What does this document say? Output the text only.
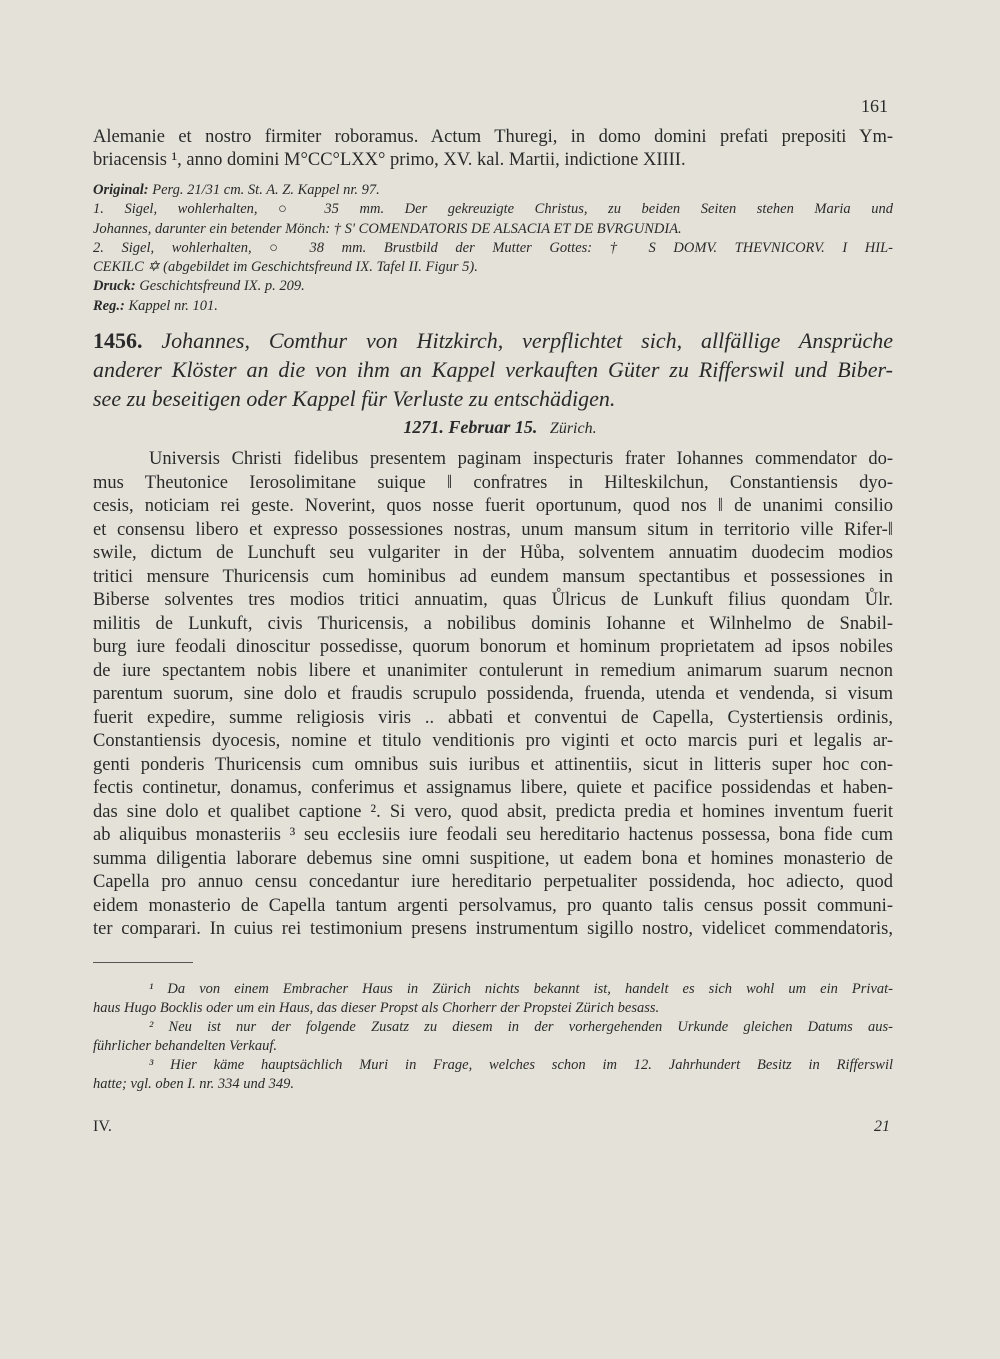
161
Alemanie et nostro firmiter roboramus. Actum Thuregi, in domo domini prefati prepositi Ym-
briacensis ¹, anno domini M°CC°LXX° primo, XV. kal. Martii, indictione XIIII.
Original: Perg. 21/31 cm. St. A. Z. Kappel nr. 97.
1. Sigel, wohlerhalten, ○ 35 mm. Der gekreuzigte Christus, zu beiden Seiten stehen Maria und
Johannes, darunter ein betender Mönch: † S' COMENDATORIS DE ALSACIA ET DE BVRGUNDIA.
2. Sigel, wohlerhalten, ○ 38 mm. Brustbild der Mutter Gottes: † S DOMV. THEVNICORV. I HIL-
CEKILC ✡ (abgebildet im Geschichtsfreund IX. Tafel II. Figur 5).
Druck: Geschichtsfreund IX. p. 209.
Reg.: Kappel nr. 101.
1456. Johannes, Comthur von Hitzkirch, verpflichtet sich, allfällige Ansprüche
anderer Klöster an die von ihm an Kappel verkauften Güter zu Rifferswil und Biber-
see zu beseitigen oder Kappel für Verluste zu entschädigen.
1271. Februar 15. Zürich.
Universis Christi fidelibus presentem paginam inspecturis frater Iohannes commendator do-
mus Theutonice Ierosolimitane suique ‖ confratres in Hilteskilchun, Constantiensis dyo-
cesis, noticiam rei geste. Noverint, quos nosse fuerit oportunum, quod nos ‖ de unanimi consilio
et consensu libero et expresso possessiones nostras, unum mansum situm in territorio ville Rifer-‖
swile, dictum de Lunchuft seu vulgariter in der Hůba, solventem annuatim duodecim modios
tritici mensure Thuricensis cum hominibus ad eundem mansum spectantibus et possessiones in
Biberse solventes tres modios tritici annuatim, quas Ůlricus de Lunkuft filius quondam Ůlr.
militis de Lunkuft, civis Thuricensis, a nobilibus dominis Iohanne et Wilnhelmo de Snabil-
burg iure feodali dinoscitur possedisse, quorum bonorum et hominum proprietatem ad ipsos nobiles
de iure spectantem nobis libere et unanimiter contulerunt in remedium animarum suarum necnon
parentum suorum, sine dolo et fraudis scrupulo possidenda, fruenda, utenda et vendenda, si visum
fuerit expedire, summe religiosis viris .. abbati et conventui de Capella, Cystertiensis ordinis,
Constantiensis dyocesis, nomine et titulo venditionis pro viginti et octo marcis puri et legalis ar-
genti ponderis Thuricensis cum omnibus suis iuribus et attinentiis, sicut in litteris super hoc con-
fectis continetur, donamus, conferimus et assignamus libere, quiete et pacifice possidendas et haben-
das sine dolo et qualibet captione ². Si vero, quod absit, predicta predia et homines inventum fuerit
ab aliquibus monasteriis ³ seu ecclesiis iure feodali seu hereditario hactenus possessa, bona fide cum
summa diligentia laborare debemus sine omni suspitione, ut eadem bona et homines monasterio de
Capella pro annuo censu concedantur iure hereditario perpetualiter possidenda, hoc adiecto, quod
eidem monasterio de Capella tantum argenti persolvamus, pro quanto talis census possit communi-
ter comparari. In cuius rei testimonium presens instrumentum sigillo nostro, videlicet commendatoris,
¹ Da von einem Embracher Haus in Zürich nichts bekannt ist, handelt es sich wohl um ein Privat-
haus Hugo Bocklis oder um ein Haus, das dieser Propst als Chorherr der Propstei Zürich besass.
² Neu ist nur der folgende Zusatz zu diesem in der vorhergehenden Urkunde gleichen Datums aus-
führlicher behandelten Verkauf.
³ Hier käme hauptsächlich Muri in Frage, welches schon im 12. Jahrhundert Besitz in Rifferswil
hatte; vgl. oben I. nr. 334 und 349.
IV.	21
